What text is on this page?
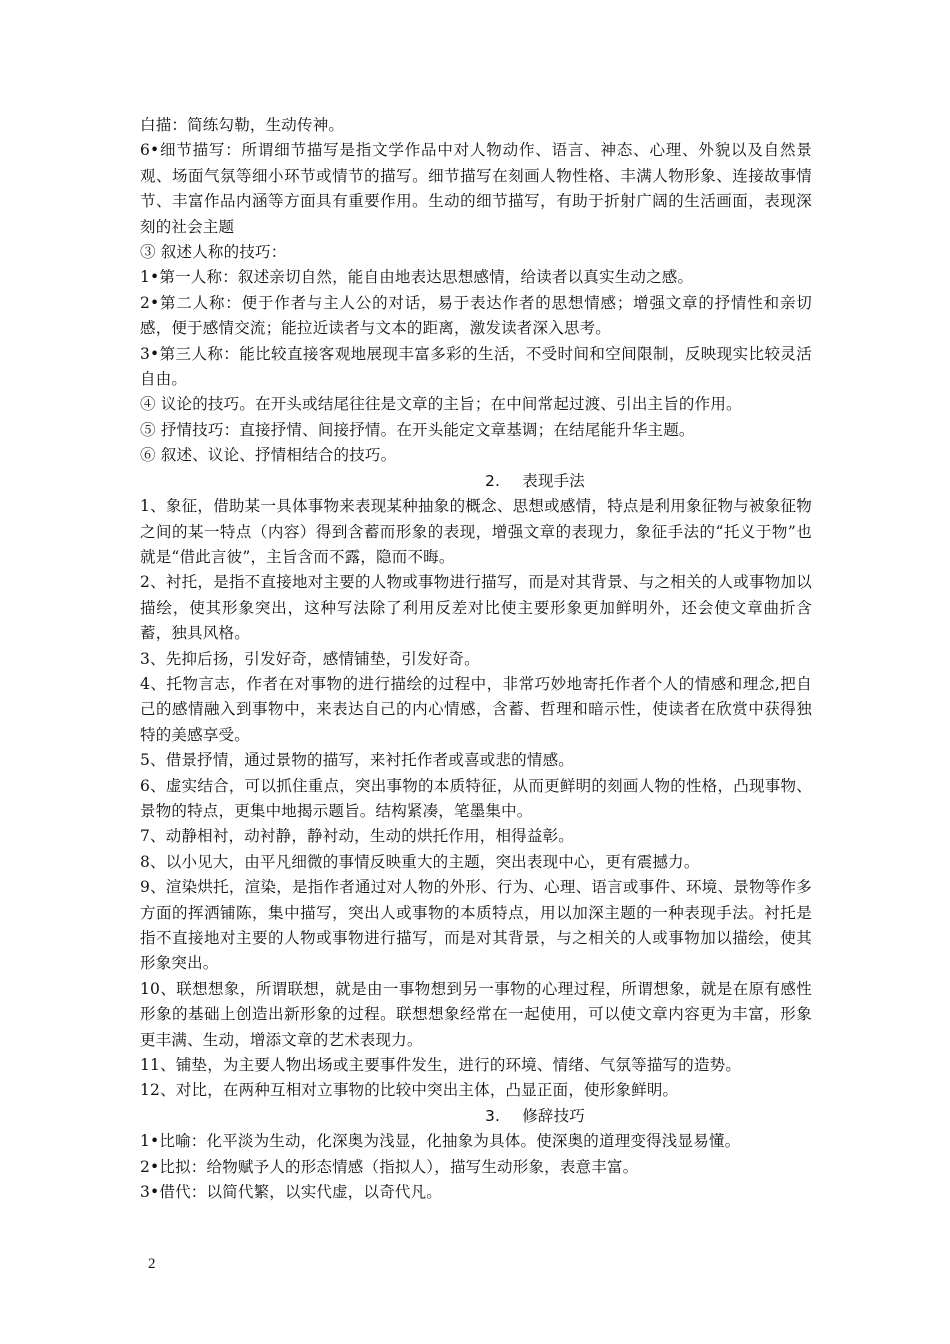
白描：简练勾勒，生动传神。

6•细节描写：所谓细节描写是指文学作品中对人物动作、语言、神态、心理、外貌以及自然景观、场面气氛等细小环节或情节的描写。细节描写在刻画人物性格、丰满人物形象、连接故事情节、丰富作品内涵等方面具有重要作用。生动的细节描写，有助于折射广阔的生活画面，表现深刻的社会主题

③ 叙述人称的技巧：

1•第一人称：叙述亲切自然，能自由地表达思想感情，给读者以真实生动之感。

2•第二人称：便于作者与主人公的对话，易于表达作者的思想情感；增强文章的抒情性和亲切感，便于感情交流；能拉近读者与文本的距离，激发读者深入思考。

3•第三人称：能比较直接客观地展现丰富多彩的生活，不受时间和空间限制，反映现实比较灵活自由。

④ 议论的技巧。在开头或结尾往往是文章的主旨；在中间常起过渡、引出主旨的作用。

⑤ 抒情技巧：直接抒情、间接抒情。在开头能定文章基调；在结尾能升华主题。

⑥ 叙述、议论、抒情相结合的技巧。

2. 表现手法

1、象征，借助某一具体事物来表现某种抽象的概念、思想或感情，特点是利用象征物与被象征物之间的某一特点（内容）得到含蓄而形象的表现，增强文章的表现力，象征手法的“托义于物”也就是“借此言彼”，主旨含而不露，隐而不晦。

2、衬托，是指不直接地对主要的人物或事物进行描写，而是对其背景、与之相关的人或事物加以描绘，使其形象突出，这种写法除了利用反差对比使主要形象更加鲜明外，还会使文章曲折含蓄，独具风格。

3、先抑后扬，引发好奇，感情铺垫，引发好奇。

4、托物言志，作者在对事物的进行描绘的过程中，非常巧妙地寄托作者个人的情感和理念,把自己的感情融入到事物中，来表达自己的内心情感，含蓄、哲理和暗示性，使读者在欣赏中获得独特的美感享受。

5、借景抒情，通过景物的描写，来衬托作者或喜或悲的情感。

6、虚实结合，可以抓住重点，突出事物的本质特征，从而更鲜明的刻画人物的性格，凸现事物、景物的特点，更集中地揭示题旨。结构紧凑，笔墨集中。

7、动静相衬，动衬静，静衬动，生动的烘托作用，相得益彰。

8、以小见大，由平凡细微的事情反映重大的主题，突出表现中心，更有震撼力。

9、渲染烘托，渲染，是指作者通过对人物的外形、行为、心理、语言或事件、环境、景物等作多方面的挥洒铺陈，集中描写，突出人或事物的本质特点，用以加深主题的一种表现手法。衬托是指不直接地对主要的人物或事物进行描写，而是对其背景，与之相关的人或事物加以描绘，使其形象突出。

10、联想想象，所谓联想，就是由一事物想到另一事物的心理过程，所谓想象，就是在原有感性形象的基础上创造出新形象的过程。联想想象经常在一起使用，可以使文章内容更为丰富，形象更丰满、生动，增添文章的艺术表现力。

11、铺垫，为主要人物出场或主要事件发生，进行的环境、情绪、气氛等描写的造势。

12、对比，在两种互相对立事物的比较中突出主体，凸显正面，使形象鲜明。

3. 修辞技巧

1•比喻：化平淡为生动，化深奥为浅显，化抽象为具体。使深奥的道理变得浅显易懂。

2•比拟：给物赋予人的形态情感（指拟人），描写生动形象，表意丰富。

3•借代：以简代繁，以实代虚，以奇代凡。

2
